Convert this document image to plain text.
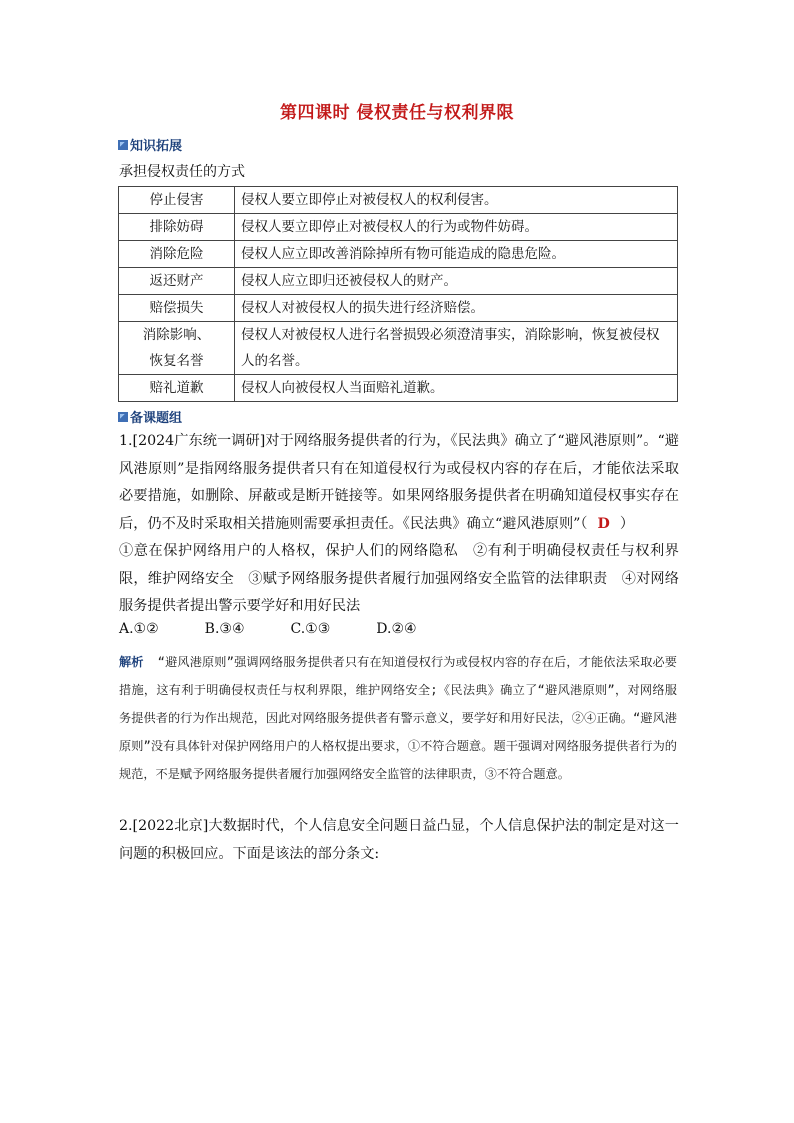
第四课时 侵权责任与权利界限
知识拓展
承担侵权责任的方式
停止侵害	侵权人要立即停止对被侵权人的权利侵害。

排除妨碍	侵权人要立即停止对被侵权人的行为或物件妨碍。

消除危险	侵权人应立即改善消除掉所有物可能造成的隐患危险。

返还财产	侵权人应立即归还被侵权人的财产。

赔偿损失	侵权人对被侵权人的损失进行经济赔偿。

消除影响、
恢复名誉	侵权人对被侵权人进行名誉损毁必须澄清事实，消除影响，恢复被侵权人的名誉。

赔礼道歉	侵权人向被侵权人当面赔礼道歉。
备课题组
1.[2024广东统一调研]对于网络服务提供者的行为，《民法典》确立了“避风港原则”。“避风港原则”是指网络服务提供者只有在知道侵权行为或侵权内容的存在后，才能依法采取必要措施，如删除、屏蔽或是断开链接等。如果网络服务提供者在明确知道侵权事实存在后，仍不及时采取相关措施则需要承担责任。《民法典》确立“避风港原则”（ D ）
①意在保护网络用户的人格权，保护人们的网络隐私　②有利于明确侵权责任与权利界限，维护网络安全　③赋予网络服务提供者履行加强网络安全监管的法律职责　④对网络服务提供者提出警示要学好和用好民法
A.①②	B.③④	C.①③	D.②④
解析 “避风港原则”强调网络服务提供者只有在知道侵权行为或侵权内容的存在后，才能依法采取必要措施，这有利于明确侵权责任与权利界限，维护网络安全;《民法典》确立了“避风港原则”，对网络服务提供者的行为作出规范，因此对网络服务提供者有警示意义，要学好和用好民法，②④正确。“避风港原则”没有具体针对保护网络用户的人格权提出要求，①不符合题意。题干强调对网络服务提供者行为的规范，不是赋予网络服务提供者履行加强网络安全监管的法律职责，③不符合题意。
2.[2022北京]大数据时代，个人信息安全问题日益凸显，个人信息保护法的制定是对这一问题的积极回应。下面是该法的部分条文:
